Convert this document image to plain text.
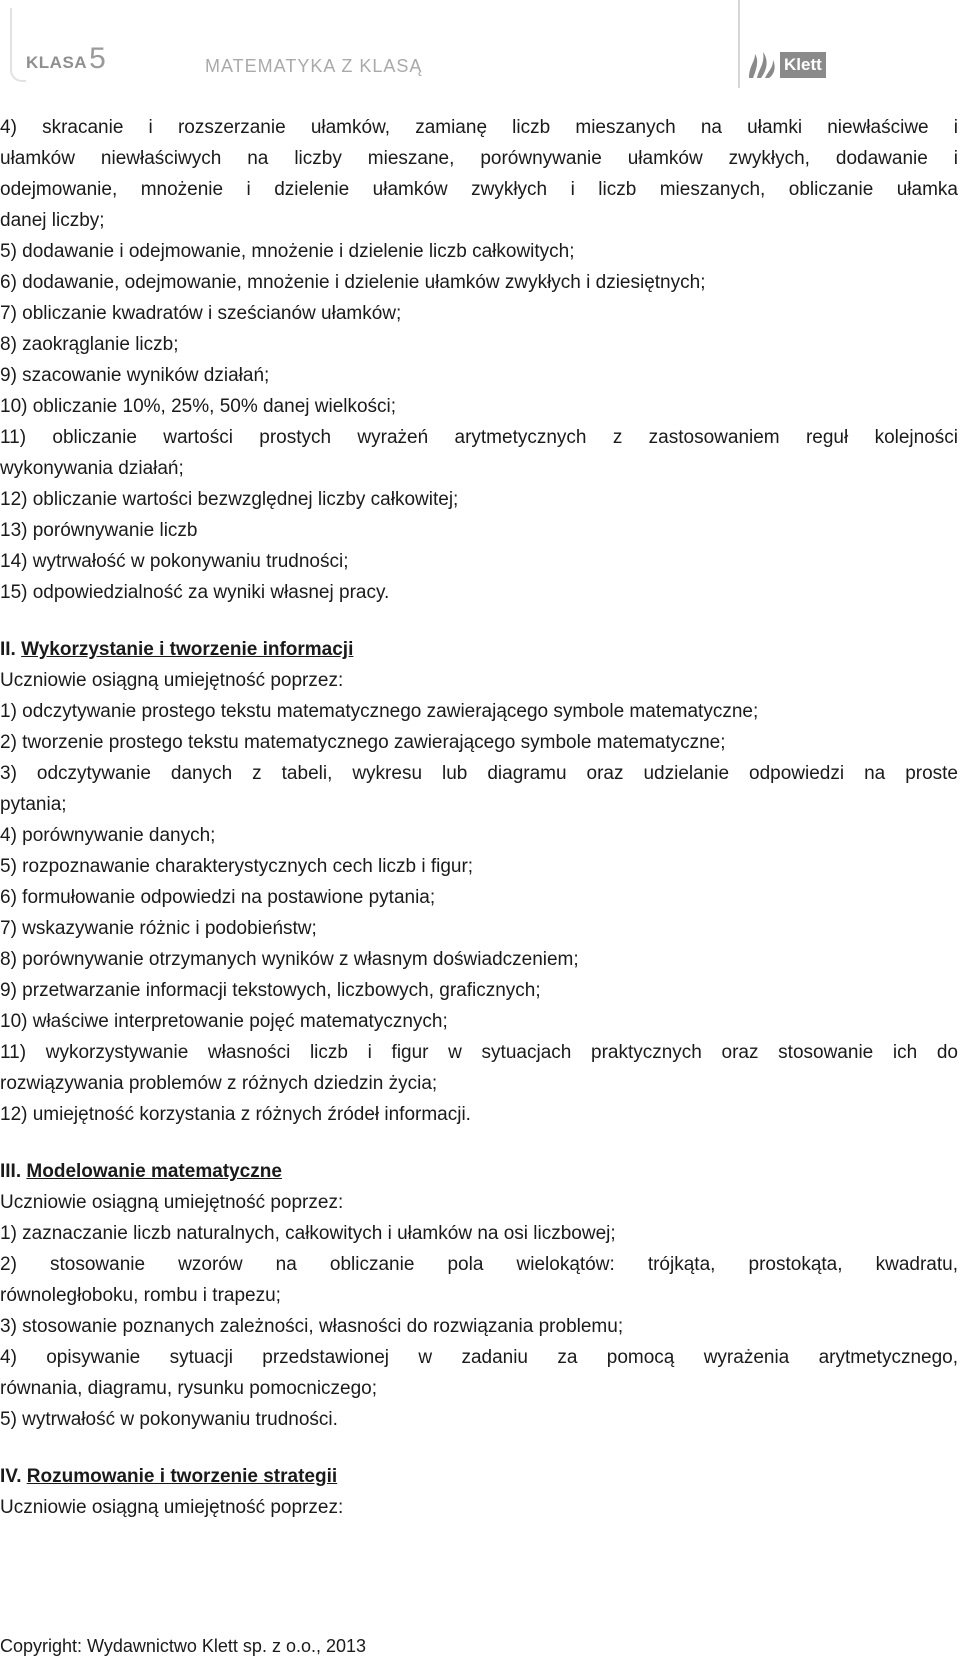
KLASA5	MATEMATYKA Z KLASĄ	Klett
4) skracanie i rozszerzanie ułamków, zamianę liczb mieszanych na ułamki niewłaściwe i
ułamków niewłaściwych na liczby mieszane, porównywanie ułamków zwykłych, dodawanie i
odejmowanie, mnożenie i dzielenie ułamków zwykłych i liczb mieszanych, obliczanie ułamka
danej liczby;
5) dodawanie i odejmowanie, mnożenie i dzielenie liczb całkowitych;
6) dodawanie, odejmowanie, mnożenie i dzielenie ułamków zwykłych i dziesiętnych;
7) obliczanie kwadratów i sześcianów ułamków;
8) zaokrąglanie liczb;
9) szacowanie wyników działań;
10) obliczanie 10%, 25%, 50% danej wielkości;
11) obliczanie wartości prostych wyrażeń arytmetycznych z zastosowaniem reguł kolejności
wykonywania działań;
12) obliczanie wartości bezwzględnej liczby całkowitej;
13) porównywanie liczb
14) wytrwałość w pokonywaniu trudności;
15) odpowiedzialność za wyniki własnej pracy.
II. Wykorzystanie i tworzenie informacji
Uczniowie osiągną umiejętność poprzez:
1) odczytywanie prostego tekstu matematycznego zawierającego symbole matematyczne;
2) tworzenie prostego tekstu matematycznego zawierającego symbole matematyczne;
3) odczytywanie danych z tabeli, wykresu lub diagramu oraz udzielanie odpowiedzi na proste
pytania;
4) porównywanie danych;
5) rozpoznawanie charakterystycznych cech liczb i figur;
6) formułowanie odpowiedzi na postawione pytania;
7) wskazywanie różnic i podobieństw;
8) porównywanie otrzymanych wyników z własnym doświadczeniem;
9) przetwarzanie informacji tekstowych, liczbowych, graficznych;
10) właściwe interpretowanie pojęć matematycznych;
11) wykorzystywanie własności liczb i figur w sytuacjach praktycznych oraz stosowanie ich do
rozwiązywania problemów z różnych dziedzin życia;
12) umiejętność korzystania z różnych źródeł informacji.
III. Modelowanie matematyczne
Uczniowie osiągną umiejętność poprzez:
1) zaznaczanie liczb naturalnych, całkowitych i ułamków na osi liczbowej;
2) stosowanie wzorów na obliczanie pola wielokątów: trójkąta, prostokąta, kwadratu,
równoległoboku, rombu i trapezu;
3) stosowanie poznanych zależności, własności do rozwiązania problemu;
4) opisywanie sytuacji przedstawionej w zadaniu za pomocą wyrażenia arytmetycznego,
równania, diagramu, rysunku pomocniczego;
5) wytrwałość w pokonywaniu trudności.
IV. Rozumowanie i tworzenie strategii
Uczniowie osiągną umiejętność poprzez:
Copyright: Wydawnictwo Klett sp. z o.o., 2013
